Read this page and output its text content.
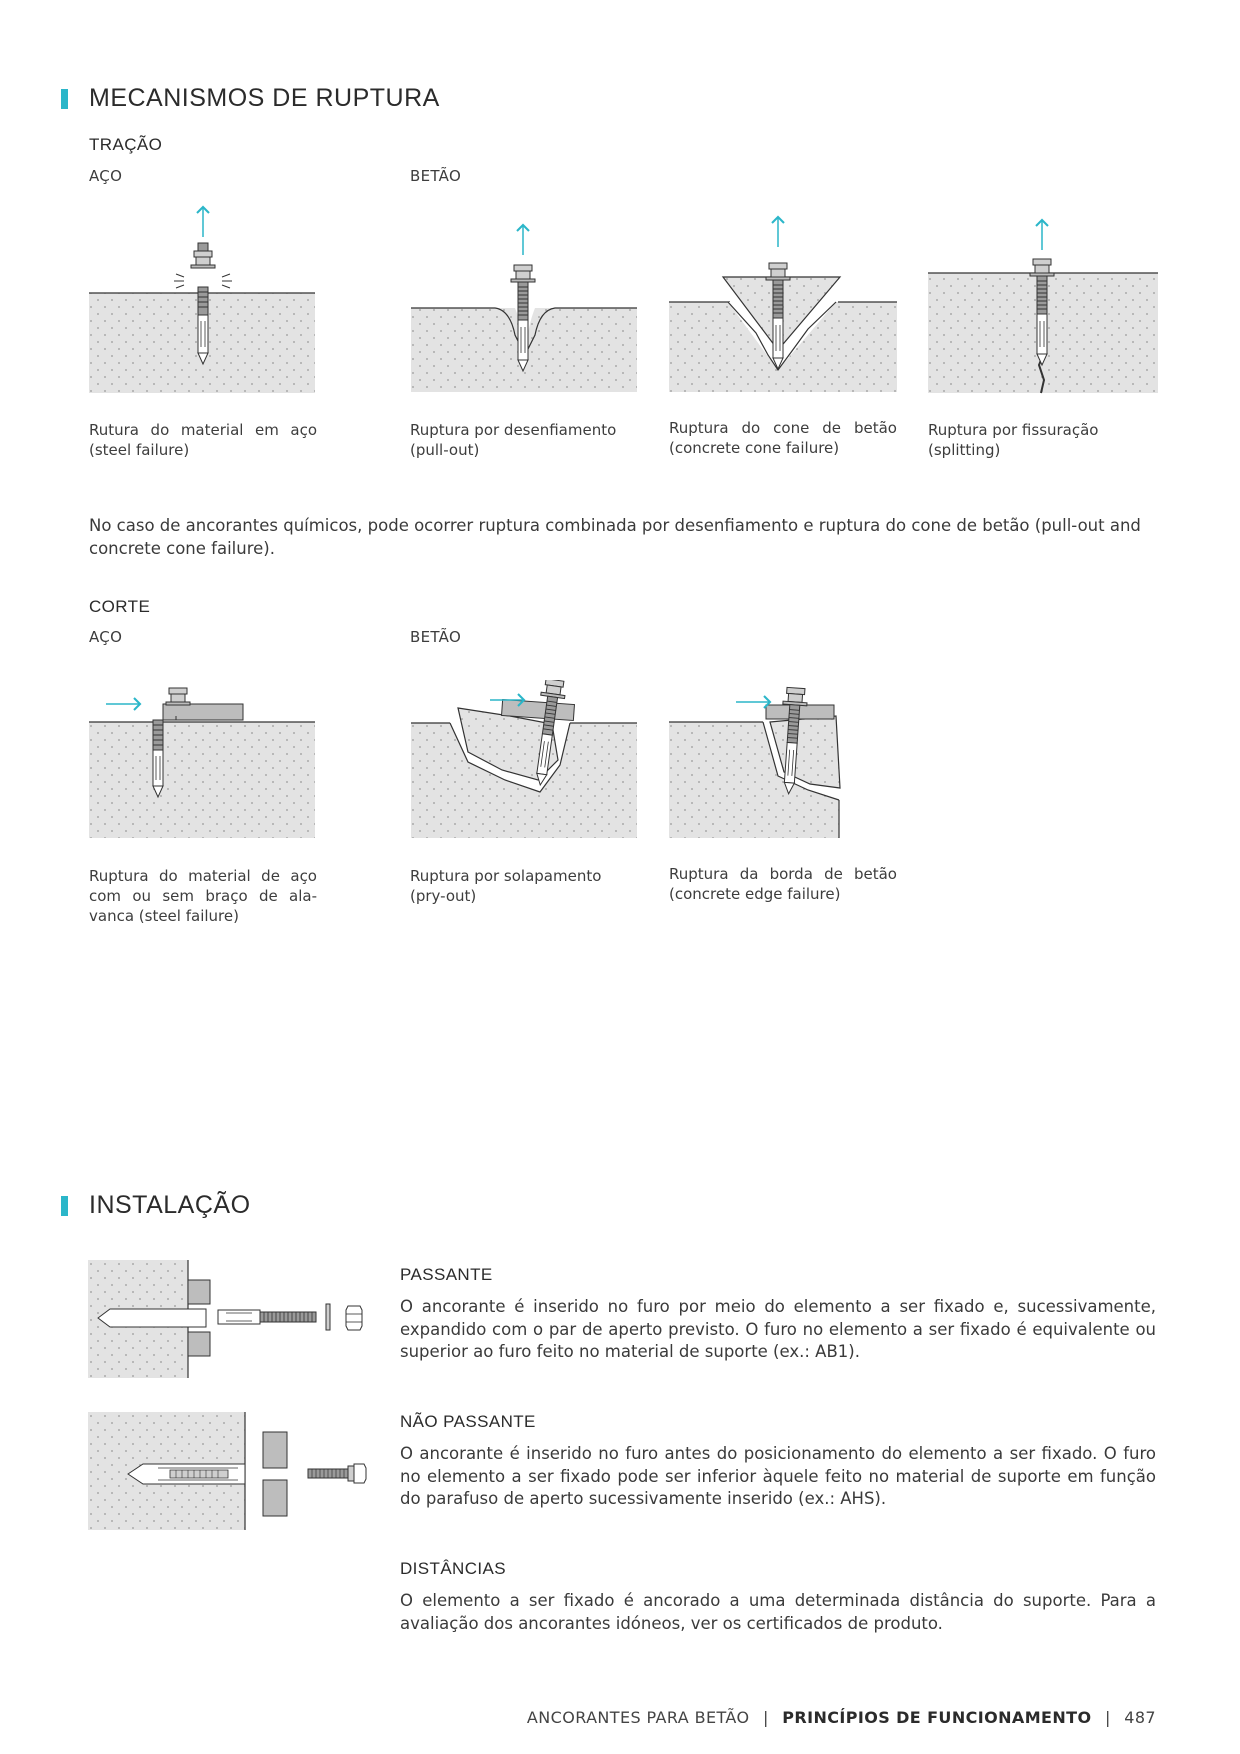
MECANISMOS DE RUPTURA
TRAÇÃO
AÇO	BETÃO
Rutura do material em aço (steel failure)
Ruptura por desenfiamento (pull-out)
Ruptura do cone de betão (concrete cone failure)
Ruptura por fissuração (splitting)
No caso de ancorantes químicos, pode ocorrer ruptura combinada por desenfiamento e ruptura do cone de betão (pull-out and concrete cone failure).
CORTE
AÇO	BETÃO
Ruptura do material de aço com ou sem braço de ala-vanca (steel failure)
Ruptura por solapamento (pry-out)
Ruptura da borda de betão (concrete edge failure)
INSTALAÇÃO
PASSANTE
O ancorante é inserido no furo por meio do elemento a ser fixado e, sucessivamente, expandido com o par de aperto previsto. O furo no elemento a ser fixado é equivalente ou superior ao furo feito no material de suporte (ex.: AB1).
NÃO PASSANTE
O ancorante é inserido no furo antes do posicionamento do elemento a ser fixado. O furo no elemento a ser fixado pode ser inferior àquele feito no material de suporte em função do parafuso de aperto sucessivamente inserido (ex.: AHS).
DISTÂNCIAS
O elemento a ser fixado é ancorado a uma determinada distância do suporte. Para a avaliação dos ancorantes idóneos, ver os certificados de produto.
ANCORANTES PARA BETÃO | PRINCÍPIOS DE FUNCIONAMENTO | 487
